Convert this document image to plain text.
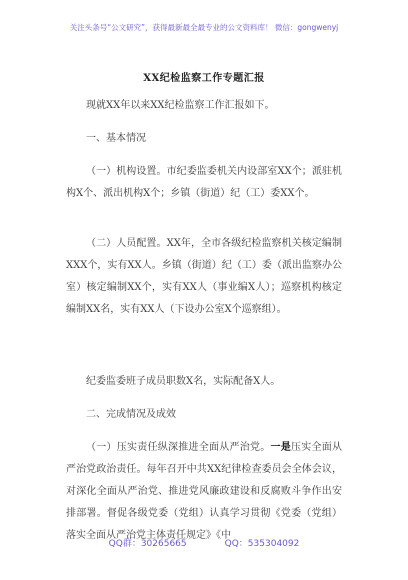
关注头条号“公文研究”，获得最新最全最专业的公文资料库！ 微信：gongwenyj
XX纪检监察工作专题汇报

现就XX年以来XX纪检监察工作汇报如下。

一、基本情况

（一）机构设置。市纪委监委机关内设部室XX个；派驻机构X个、派出机构X个；乡镇（街道）纪（工）委XX个。

（二）人员配置。XX年，全市各级纪检监察机关核定编制XXX个，实有XX人。乡镇（街道）纪（工）委（派出监察办公室）核定编制XX个，实有XX人（事业编X人）；巡察机构核定编制XX名，实有XX人（下设办公室X个巡察组）。

纪委监委班子成员职数X名，实际配备X人。

二、完成情况及成效

（一）压实责任纵深推进全面从严治党。一是压实全面从严治党政治责任。每年召开中共XX纪律检查委员会全体会议，对深化全面从严治党、推进党风廉政建设和反腐败斗争作出安排部署。督促各级党委（党组）认真学习贯彻《党委（党组）落实全面从严治党主体责任规定》《中

QQ群：30265665	QQ：535304092
